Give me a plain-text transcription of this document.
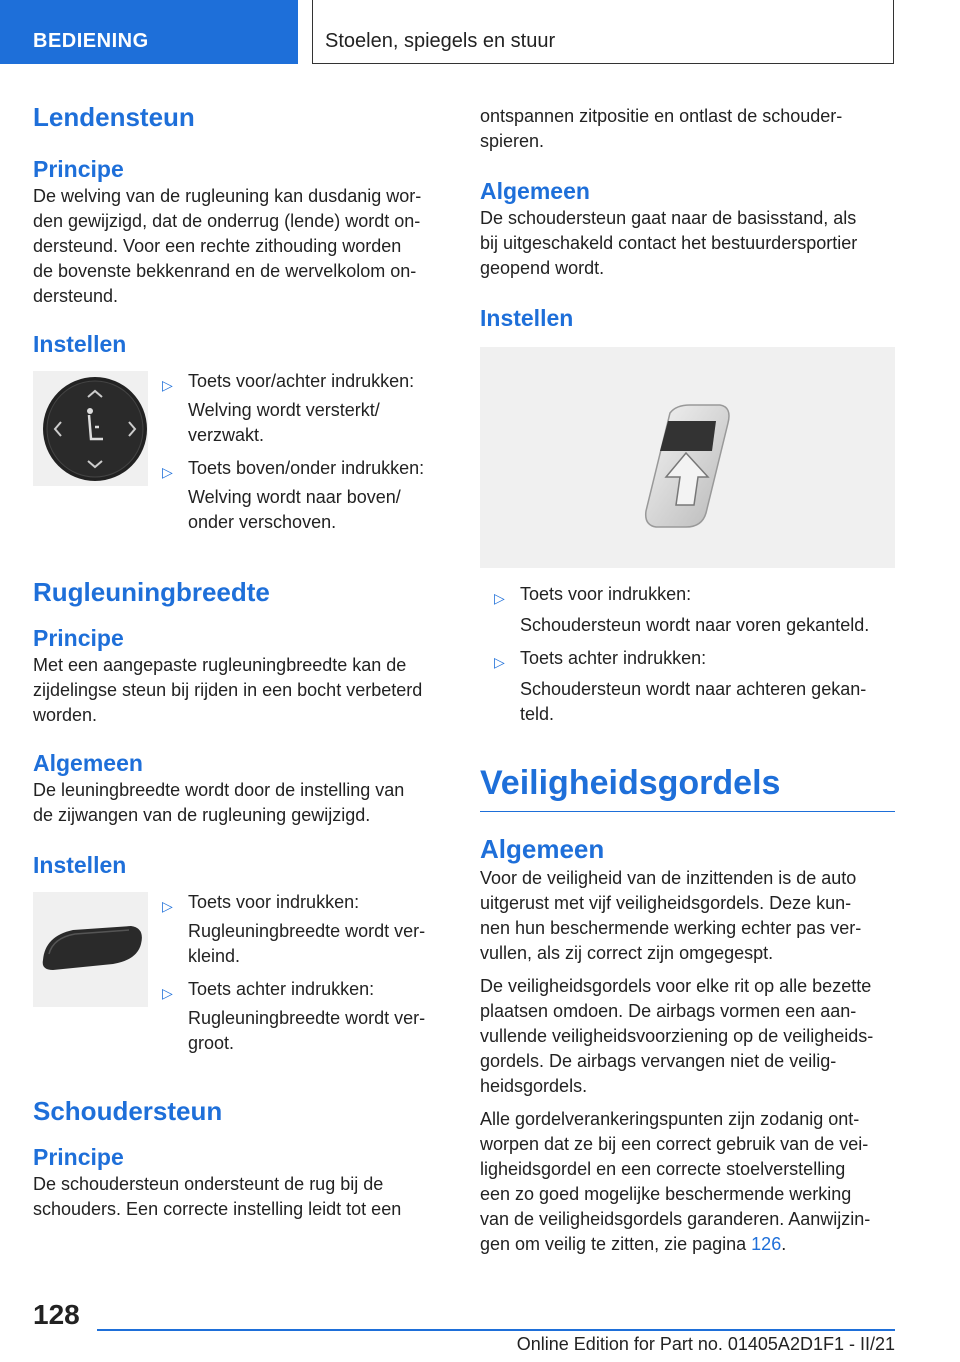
BEDIENING	Stoelen, spiegels en stuur
Lendensteun
Principe

De welving van de rugleuning kan dusdanig wor-

den gewijzigd, dat de onderrug (lende) wordt on-

dersteund. Voor een rechte zithouding worden

de bovenste bekkenrand en de wervelkolom on-

dersteund.

Instellen
▷ Toets voor/achter indrukken:

Welving wordt versterkt/

verzwakt.

▷ Toets boven/onder indrukken:

Welving wordt naar boven/

onder verschoven.

Rugleuningbreedte
Principe

Met een aangepaste rugleuningbreedte kan de

zijdelingse steun bij rijden in een bocht verbeterd

worden.

Algemeen

De leuningbreedte wordt door de instelling van

de zijwangen van de rugleuning gewijzigd.

Instellen
▷ Toets voor indrukken:

Rugleuningbreedte wordt ver-

kleind.

▷ Toets achter indrukken:

Rugleuningbreedte wordt ver-

groot.

Schoudersteun
Principe

De schoudersteun ondersteunt de rug bij de

schouders. Een correcte instelling leidt tot een

ontspannen zitpositie en ontlast de schouder-

spieren.

Algemeen

De schoudersteun gaat naar de basisstand, als

bij uitgeschakeld contact het bestuurdersportier

geopend wordt.

Instellen
▷ Toets voor indrukken:

Schoudersteun wordt naar voren gekanteld.

▷ Toets achter indrukken:

Schoudersteun wordt naar achteren gekan-

teld.

Veiligheidsgordels
Algemeen

Voor de veiligheid van de inzittenden is de auto

uitgerust met vijf veiligheidsgordels. Deze kun-

nen hun beschermende werking echter pas ver-

vullen, als zij correct zijn omgegespt.

De veiligheidsgordels voor elke rit op alle bezette

plaatsen omdoen. De airbags vormen een aan-

vullende veiligheidsvoorziening op de veiligheids-

gordels. De airbags vervangen niet de veilig-

heidsgordels.

Alle gordelverankeringspunten zijn zodanig ont-

worpen dat ze bij een correct gebruik van de vei-

ligheidsgordel en een correcte stoelverstelling

een zo goed mogelijke beschermende werking

van de veiligheidsgordels garanderen. Aanwijzin-

gen om veilig te zitten, zie pagina 126.

128
Online Edition for Part no. 01405A2D1F1 - II/21
